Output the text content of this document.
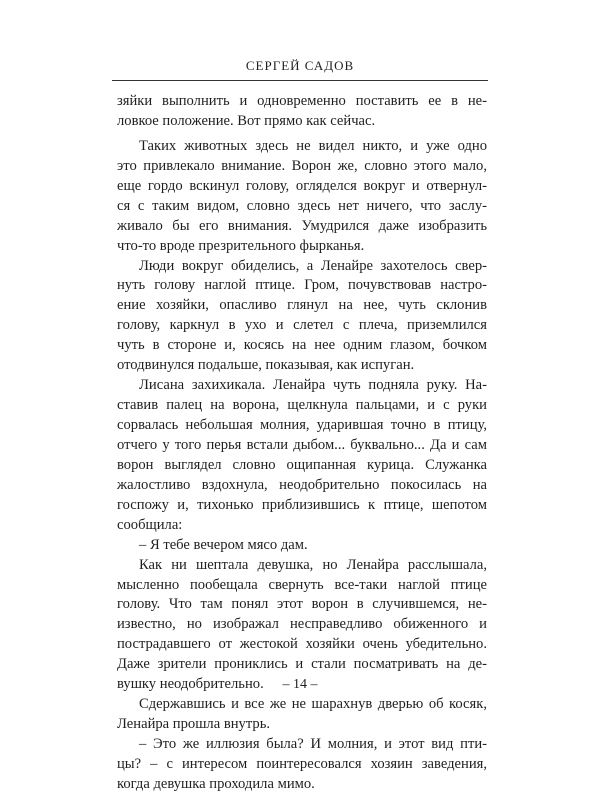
СЕРГЕЙ САДОВ
зяйки выполнить и одновременно поставить ее в не-
ловкое положение. Вот прямо как сейчас.
Таких животных здесь не видел никто, и уже одно
это привлекало внимание. Ворон же, словно этого мало,
еще гордо вскинул голову, огляделся вокруг и отвернул-
ся с таким видом, словно здесь нет ничего, что заслу-
живало бы его внимания. Умудрился даже изобразить
что-то вроде презрительного фырканья.
Люди вокруг обиделись, а Ленайре захотелось свер-
нуть голову наглой птице. Гром, почувствовав настро-
ение хозяйки, опасливо глянул на нее, чуть склонив
голову, каркнул в ухо и слетел с плеча, приземлился
чуть в стороне и, косясь на нее одним глазом, бочком
отодвинулся подальше, показывая, как испуган.
Лисана захихикала. Ленайра чуть подняла руку. На-
ставив палец на ворона, щелкнула пальцами, и с руки
сорвалась небольшая молния, ударившая точно в птицу,
отчего у того перья встали дыбом... буквально... Да и сам
ворон выглядел словно ощипанная курица. Служанка
жалостливо вздохнула, неодобрительно покосилась на
госпожу и, тихонько приблизившись к птице, шепотом
сообщила:
– Я тебе вечером мясо дам.
Как ни шептала девушка, но Ленайра расслышала,
мысленно пообещала свернуть все-таки наглой птице
голову. Что там понял этот ворон в случившемся, не-
известно, но изображал несправедливо обиженного и
пострадавшего от жестокой хозяйки очень убедительно.
Даже зрители прониклись и стали посматривать на де-
вушку неодобрительно.
Сдержавшись и все же не шарахнув дверью об косяк,
Ленайра прошла внутрь.
– Это же иллюзия была? И молния, и этот вид пти-
цы? – с интересом поинтересовался хозяин заведения,
когда девушка проходила мимо.
– 14 –
